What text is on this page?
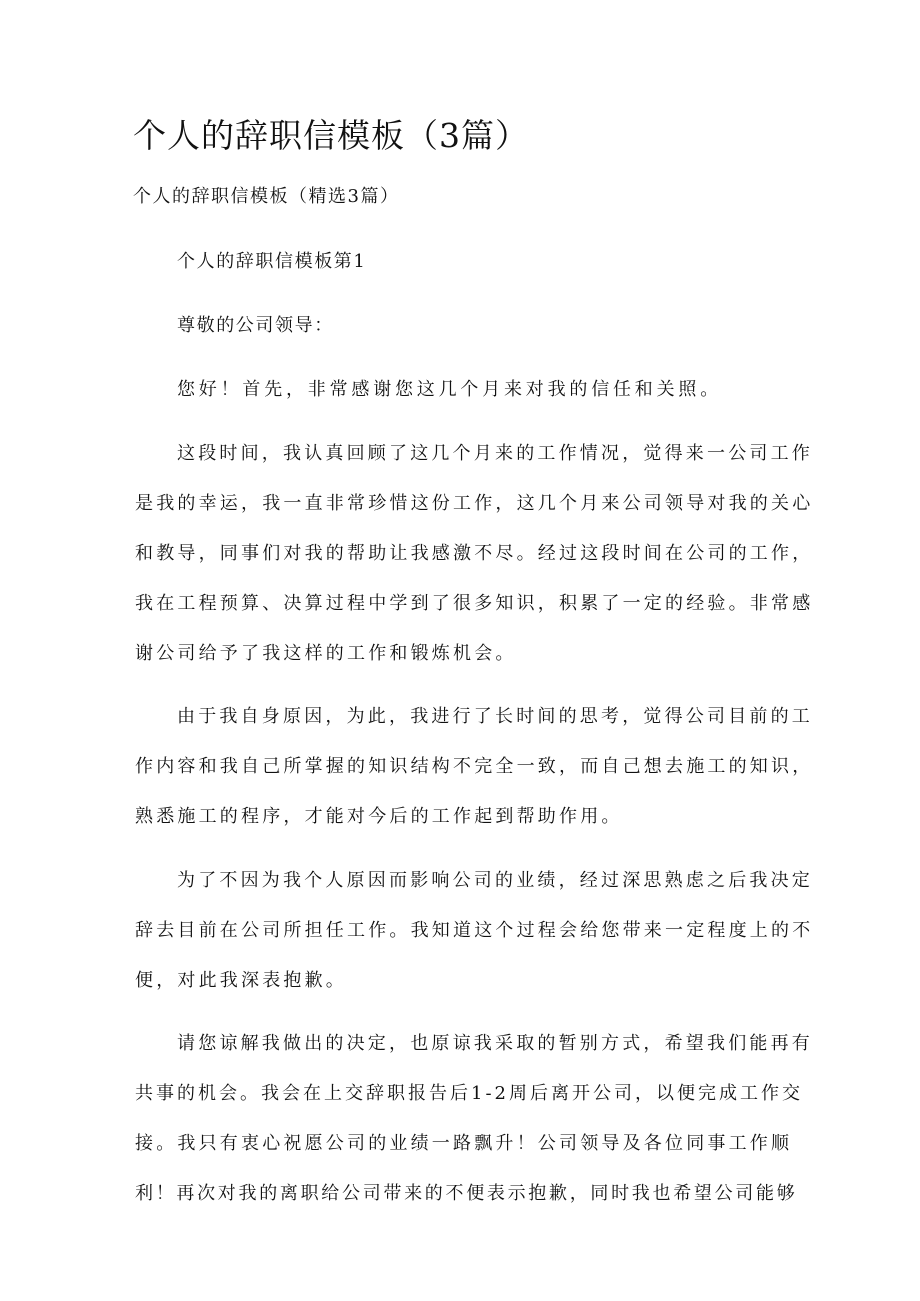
个人的辞职信模板（3篇）

个人的辞职信模板（精选3篇）

个人的辞职信模板第1

尊敬的公司领导：

您好！首先，非常感谢您这几个月来对我的信任和关照。

这段时间，我认真回顾了这几个月来的工作情况，觉得来一公司工作

是我的幸运，我一直非常珍惜这份工作，这几个月来公司领导对我的关心

和教导，同事们对我的帮助让我感激不尽。经过这段时间在公司的工作，

我在工程预算、决算过程中学到了很多知识，积累了一定的经验。非常感

谢公司给予了我这样的工作和锻炼机会。

由于我自身原因，为此，我进行了长时间的思考，觉得公司目前的工

作内容和我自己所掌握的知识结构不完全一致，而自己想去施工的知识，

熟悉施工的程序，才能对今后的工作起到帮助作用。

为了不因为我个人原因而影响公司的业绩，经过深思熟虑之后我决定

辞去目前在公司所担任工作。我知道这个过程会给您带来一定程度上的不

便，对此我深表抱歉。

请您谅解我做出的决定，也原谅我采取的暂别方式，希望我们能再有

共事的机会。我会在上交辞职报告后1-2周后离开公司，以便完成工作交

接。我只有衷心祝愿公司的业绩一路飘升！公司领导及各位同事工作顺

利！再次对我的离职给公司带来的不便表示抱歉，同时我也希望公司能够
